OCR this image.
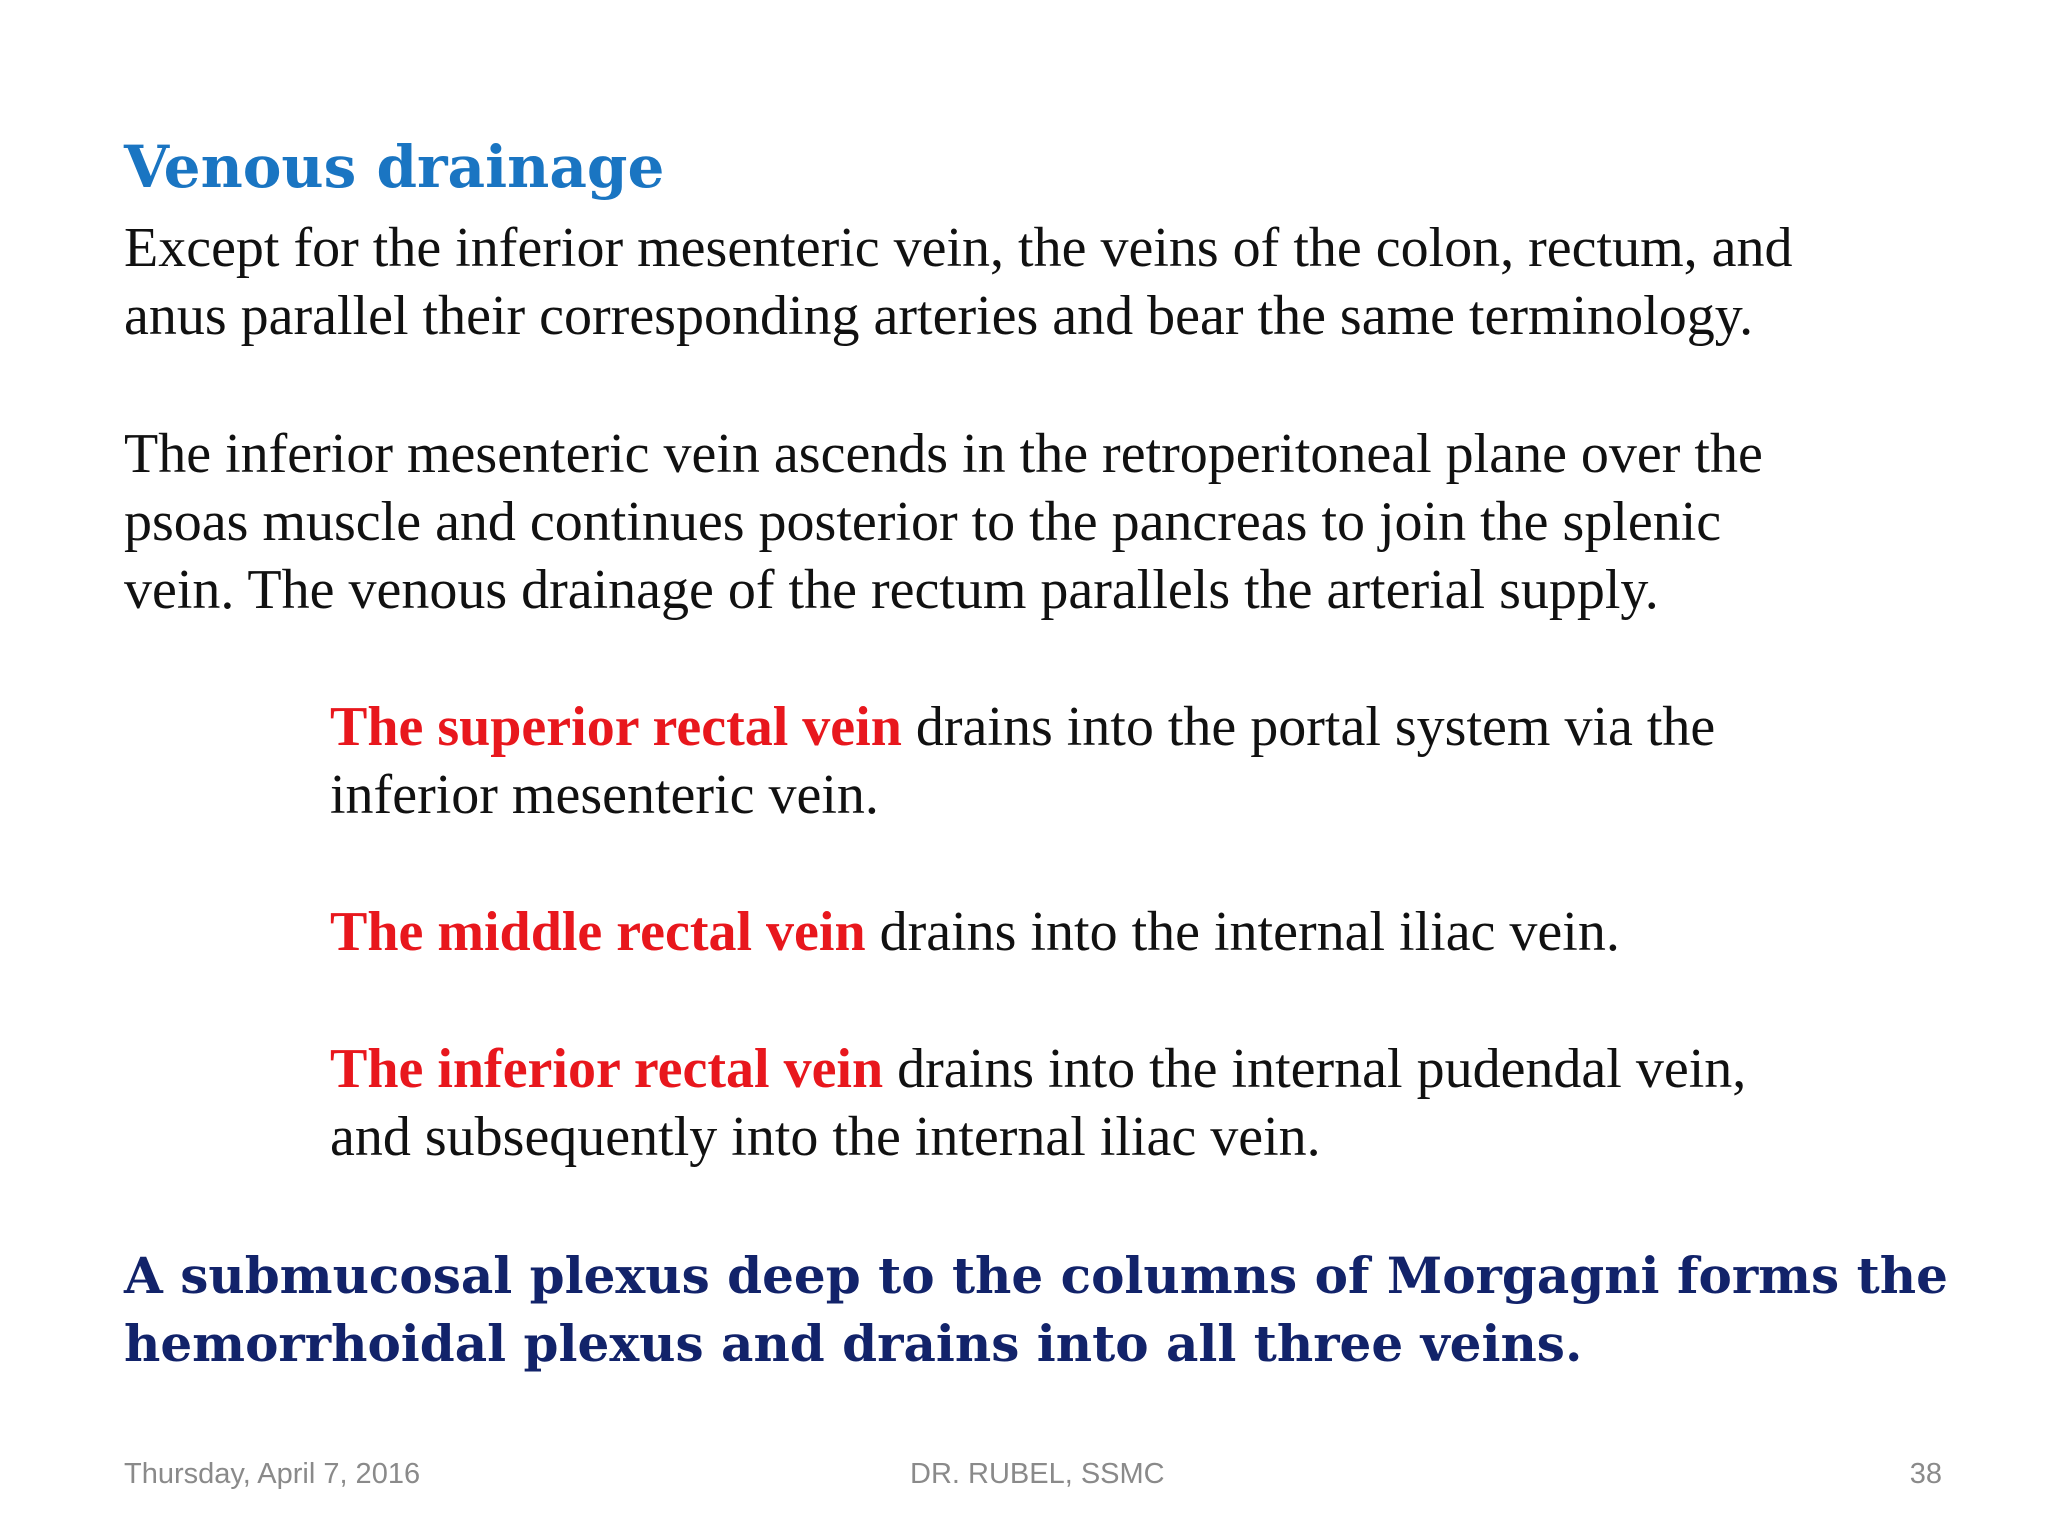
Venous drainage
Except for the inferior mesenteric vein, the veins of the colon, rectum, and
anus parallel their corresponding arteries and bear the same terminology.
The inferior mesenteric vein ascends in the retroperitoneal plane over the
psoas muscle and continues posterior to the pancreas to join the splenic
vein. The venous drainage of the rectum parallels the arterial supply.
The superior rectal vein drains into the portal system via the
inferior mesenteric vein.
The middle rectal vein drains into the internal iliac vein.
The inferior rectal vein drains into the internal pudendal vein,
and subsequently into the internal iliac vein.
A submucosal plexus deep to the columns of Morgagni forms the
hemorrhoidal plexus and drains into all three veins.
Thursday, April 7, 2016	DR. RUBEL, SSMC	38
